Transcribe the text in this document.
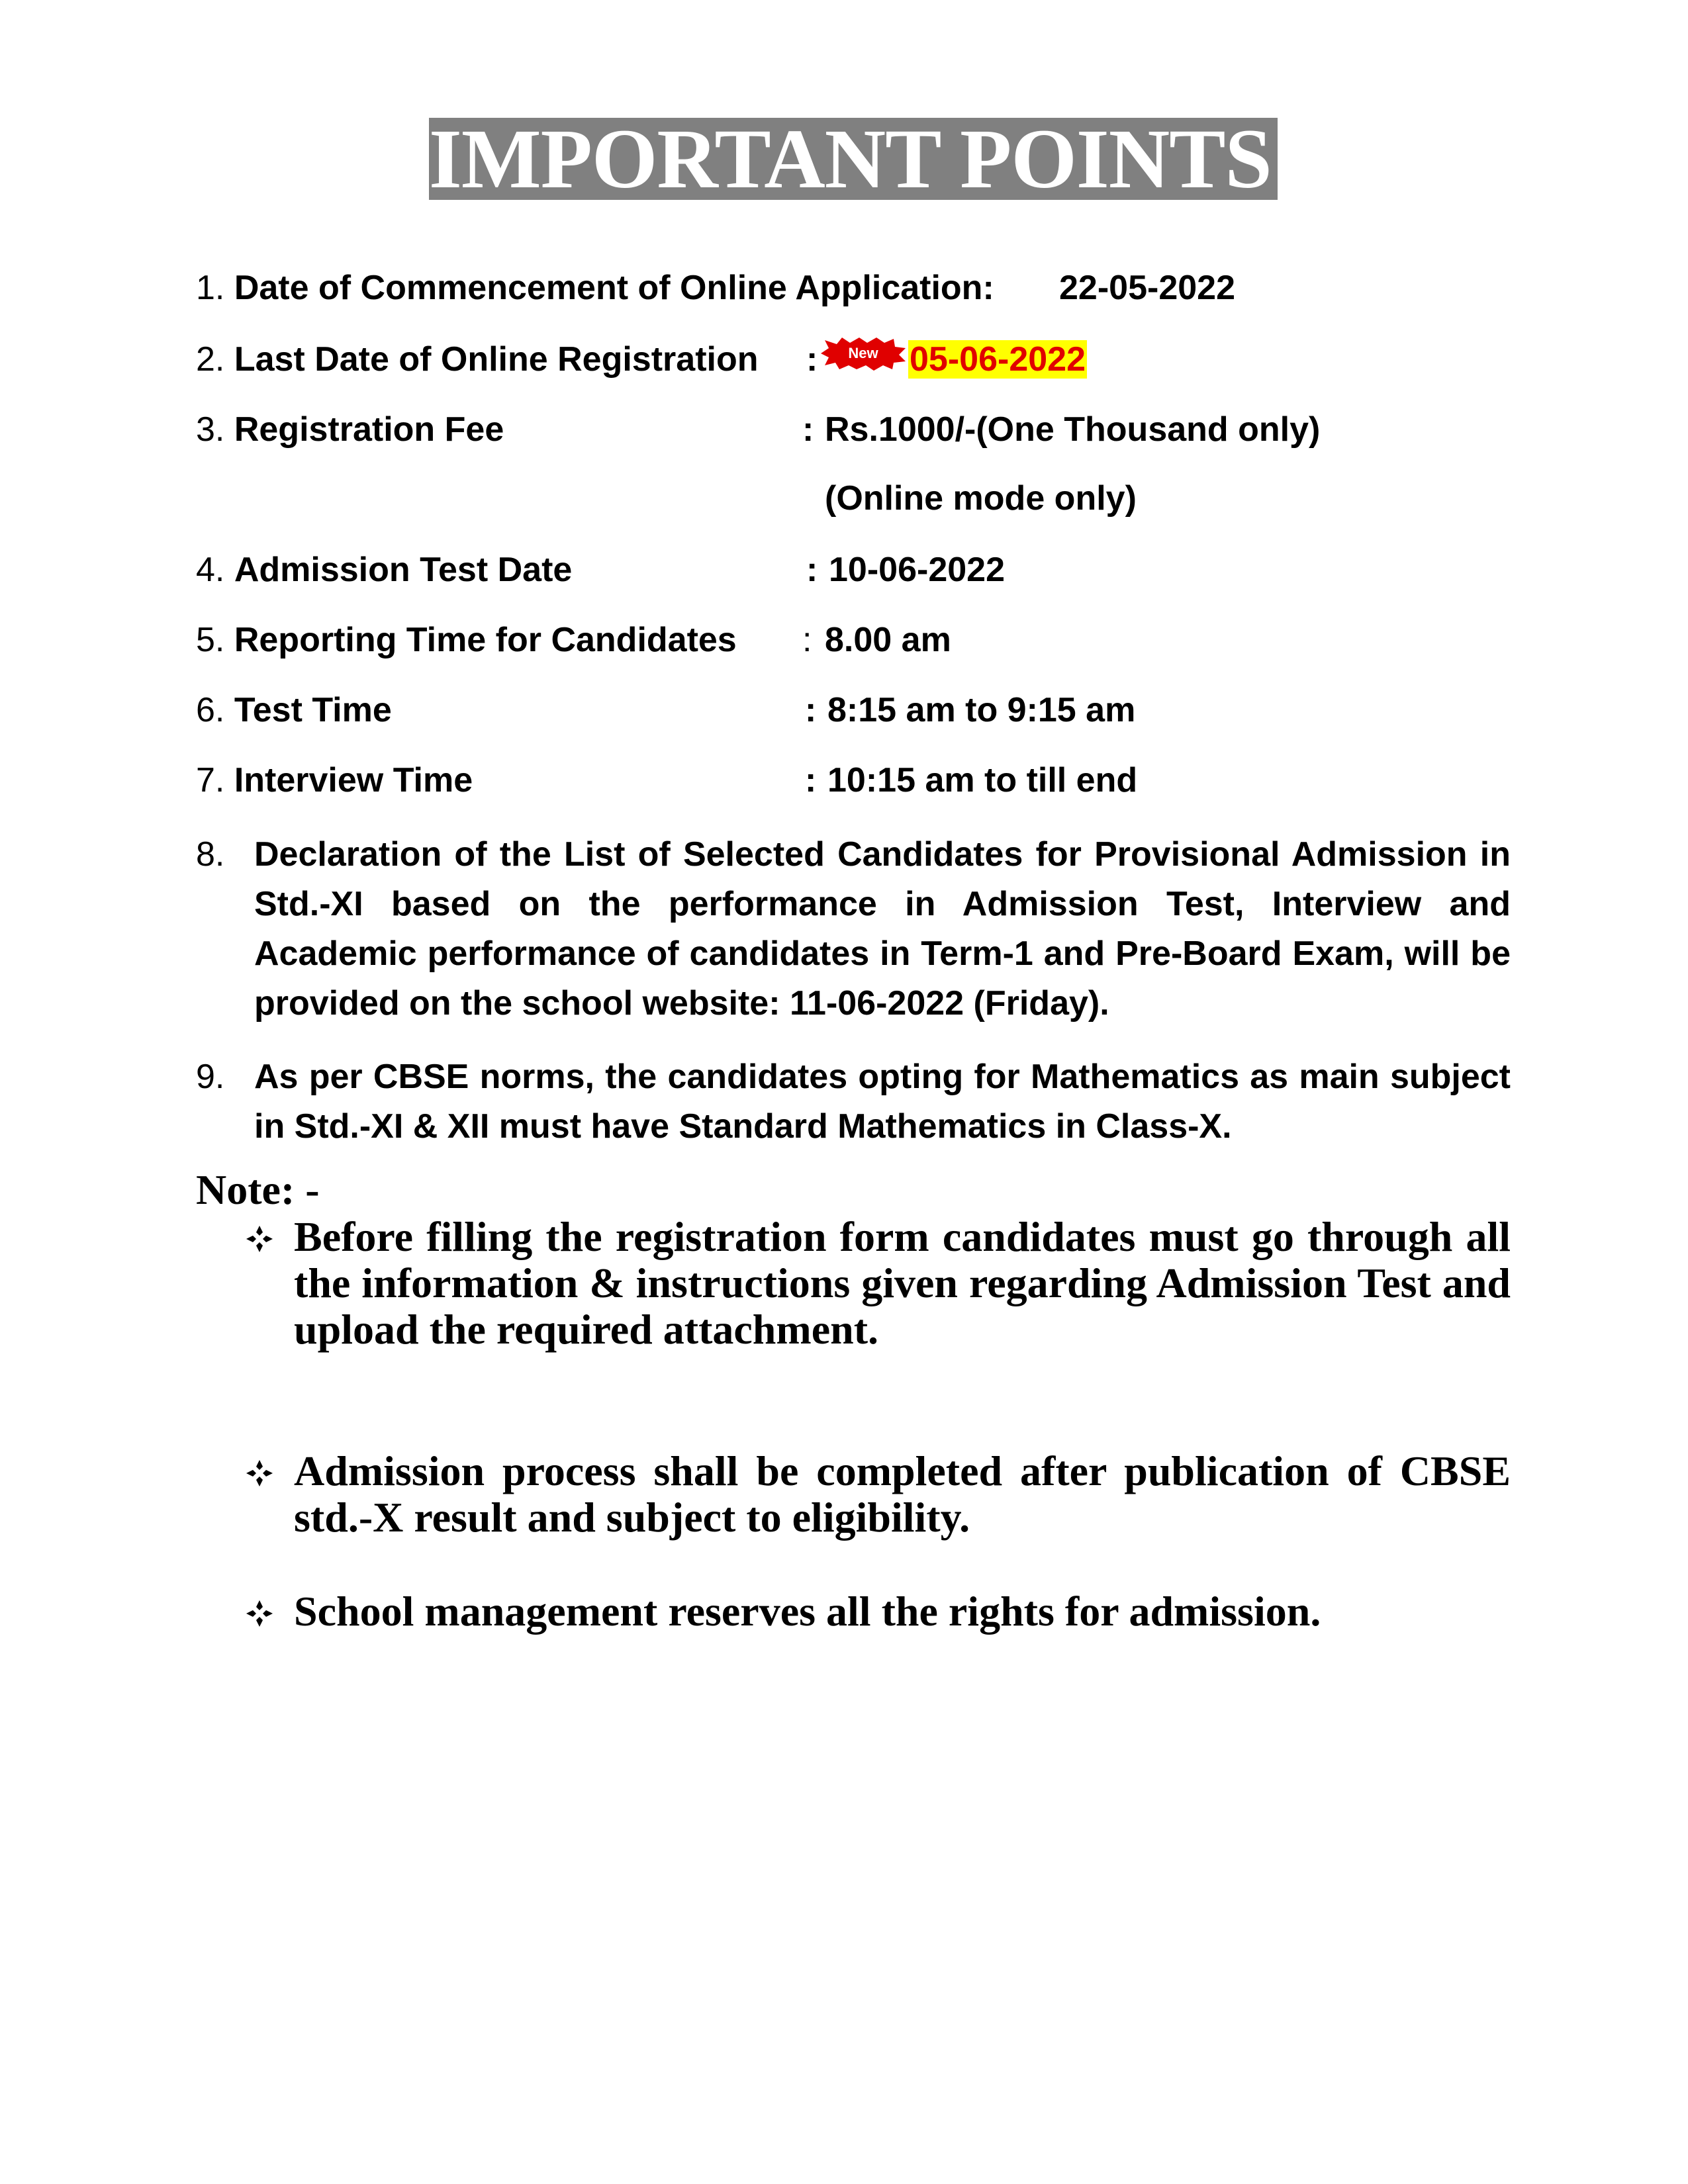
IMPORTANT POINTS:
1. Date of Commencement of Online Application: 22-05-2022
2. Last Date of Online Registration : New 05-06-2022
3. Registration Fee	: Rs.1000/-(One Thousand only)
(Online mode only)
4. Admission Test Date	: 10-06-2022
5. Reporting Time for Candidates : 8.00 am
6. Test Time	: 8:15 am to 9:15 am
7. Interview Time	: 10:15 am to till end
8. Declaration of the List of Selected Candidates for Provisional Admission in Std.-XI based on the performance in Admission Test, Interview and Academic performance of candidates in Term-1 and Pre-Board Exam, will be provided on the school website: 11-06-2022 (Friday).
9. As per CBSE norms, the candidates opting for Mathematics as main subject in Std.-XI & XII must have Standard Mathematics in Class-X.
Note: -
Before filling the registration form candidates must go through all the information & instructions given regarding Admission Test and upload the required attachment.
Admission process shall be completed after publication of CBSE std.-X result and subject to eligibility.
School management reserves all the rights for admission.
